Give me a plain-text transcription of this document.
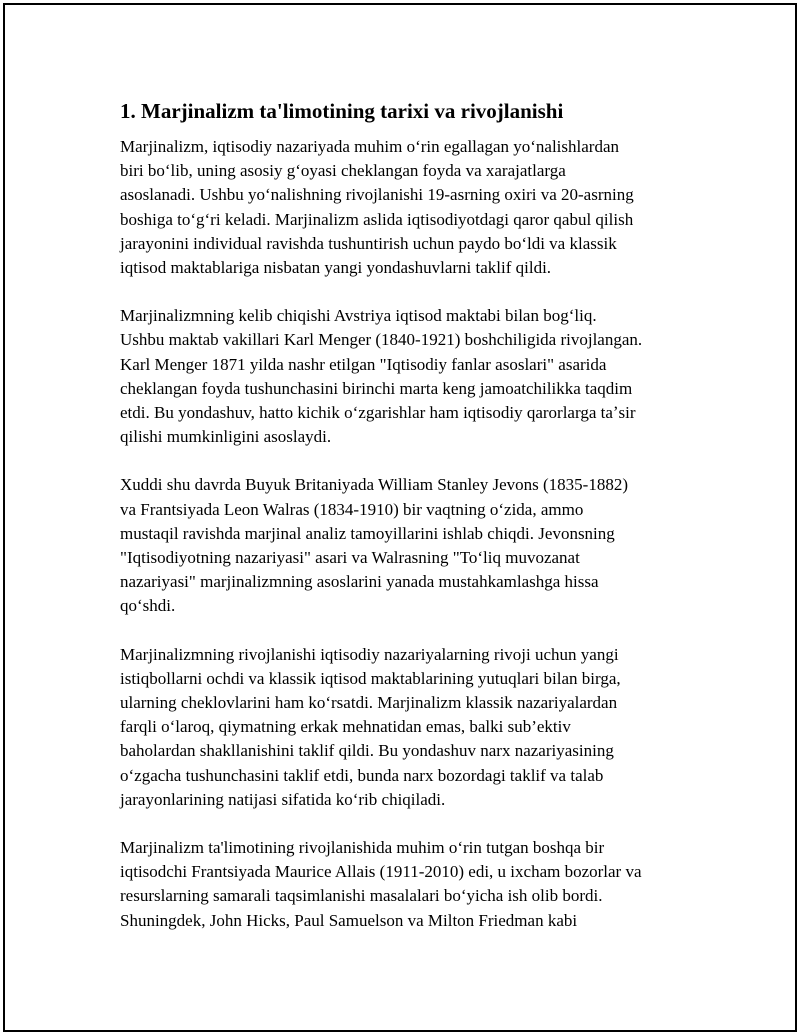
1. Marjinalizm ta'limotining tarixi va rivojlanishi

Marjinalizm, iqtisodiy nazariyada muhim o‘rin egallagan yo‘nalishlardan
biri bo‘lib, uning asosiy g‘oyasi cheklangan foyda va xarajatlarga
asoslanadi. Ushbu yo‘nalishning rivojlanishi 19-asrning oxiri va 20-asrning
boshiga to‘g‘ri keladi. Marjinalizm aslida iqtisodiyotdagi qaror qabul qilish
jarayonini individual ravishda tushuntirish uchun paydo bo‘ldi va klassik
iqtisod maktablariga nisbatan yangi yondashuvlarni taklif qildi.

Marjinalizmning kelib chiqishi Avstriya iqtisod maktabi bilan bog‘liq.
Ushbu maktab vakillari Karl Menger (1840-1921) boshchiligida rivojlangan.
Karl Menger 1871 yilda nashr etilgan "Iqtisodiy fanlar asoslari" asarida
cheklangan foyda tushunchasini birinchi marta keng jamoatchilikka taqdim
etdi. Bu yondashuv, hatto kichik o‘zgarishlar ham iqtisodiy qarorlarga taʼsir
qilishi mumkinligini asoslaydi.

Xuddi shu davrda Buyuk Britaniyada William Stanley Jevons (1835-1882)
va Frantsiyada Leon Walras (1834-1910) bir vaqtning o‘zida, ammo
mustaqil ravishda marjinal analiz tamoyillarini ishlab chiqdi. Jevonsning
"Iqtisodiyotning nazariyasi" asari va Walrasning "To‘liq muvozanat
nazariyasi" marjinalizmning asoslarini yanada mustahkamlashga hissa
qo‘shdi.

Marjinalizmning rivojlanishi iqtisodiy nazariyalarning rivoji uchun yangi
istiqbollarni ochdi va klassik iqtisod maktablarining yutuqlari bilan birga,
ularning cheklovlarini ham ko‘rsatdi. Marjinalizm klassik nazariyalardan
farqli o‘laroq, qiymatning erkak mehnatidan emas, balki sub’ektiv
baholardan shakllanishini taklif qildi. Bu yondashuv narx nazariyasining
o‘zgacha tushunchasini taklif etdi, bunda narx bozordagi taklif va talab
jarayonlarining natijasi sifatida ko‘rib chiqiladi.

Marjinalizm ta'limotining rivojlanishida muhim o‘rin tutgan boshqa bir
iqtisodchi Frantsiyada Maurice Allais (1911-2010) edi, u ixcham bozorlar va
resurslarning samarali taqsimlanishi masalalari bo‘yicha ish olib bordi.
Shuningdek, John Hicks, Paul Samuelson va Milton Friedman kabi
